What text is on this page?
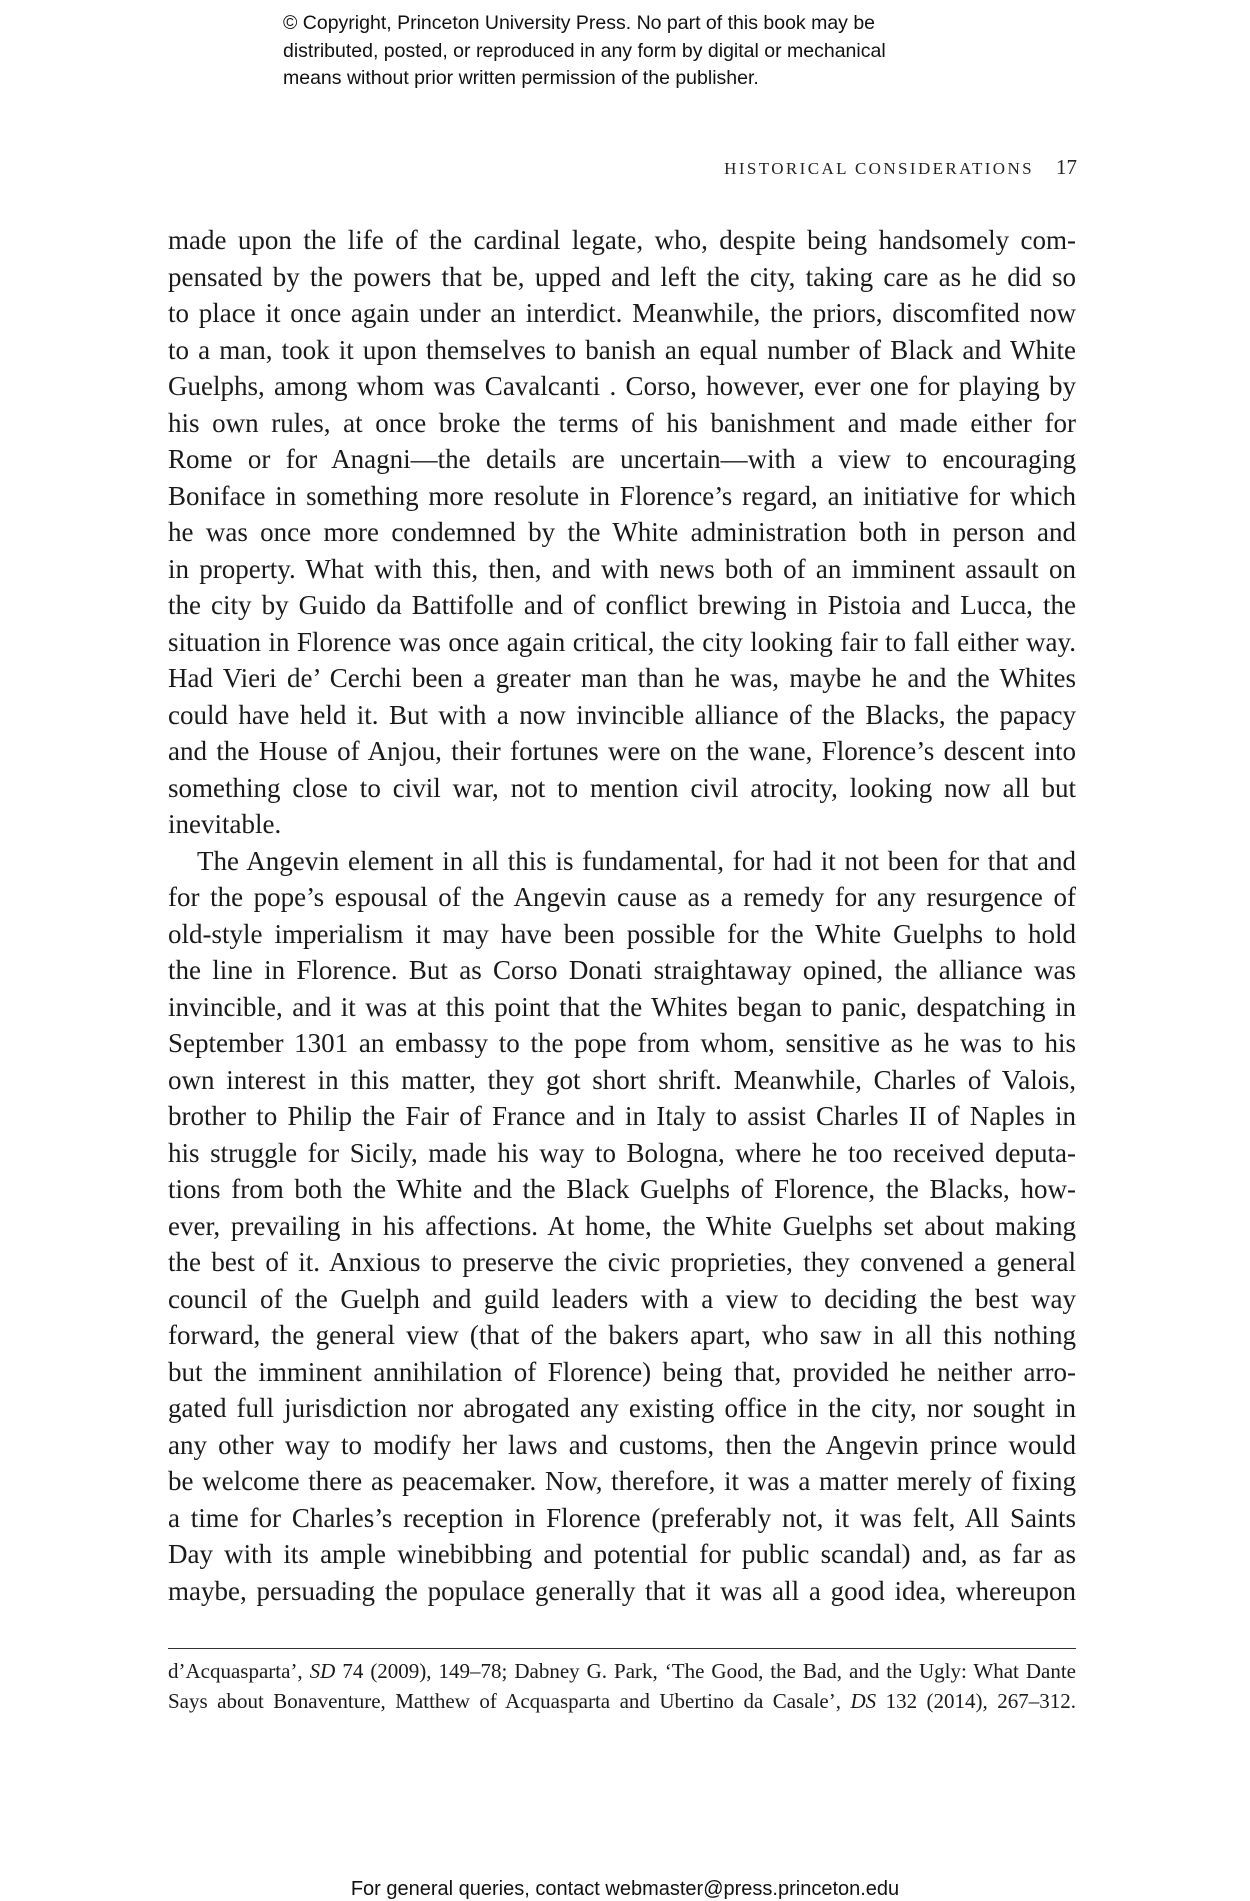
© Copyright, Princeton University Press. No part of this book may be
distributed, posted, or reproduced in any form by digital or mechanical
means without prior written permission of the publisher.
HISTORICAL CONSIDERATIONS 17
made upon the life of the cardinal legate, who, despite being handsomely com-
pensated by the powers that be, upped and left the city, taking care as he did so
to place it once again under an interdict. Meanwhile, the priors, discomfited now
to a man, took it upon themselves to banish an equal number of Black and White
Guelphs, among whom was Cavalcanti . Corso, however, ever one for playing by
his own rules, at once broke the terms of his banishment and made either for
Rome or for Anagni—the details are uncertain—with a view to encouraging
Boniface in something more resolute in Florence’s regard, an initiative for which
he was once more condemned by the White administration both in person and
in property. What with this, then, and with news both of an imminent assault on
the city by Guido da Battifolle and of conflict brewing in Pistoia and Lucca, the
situation in Florence was once again critical, the city looking fair to fall either way.
Had Vieri de’ Cerchi been a greater man than he was, maybe he and the Whites
could have held it. But with a now invincible alliance of the Blacks, the papacy
and the House of Anjou, their fortunes were on the wane, Florence’s descent into
something close to civil war, not to mention civil atrocity, looking now all but
inevitable.
The Angevin element in all this is fundamental, for had it not been for that and
for the pope’s espousal of the Angevin cause as a remedy for any resurgence of
old-style imperialism it may have been possible for the White Guelphs to hold
the line in Florence. But as Corso Donati straightaway opined, the alliance was
invincible, and it was at this point that the Whites began to panic, despatching in
September 1301 an embassy to the pope from whom, sensitive as he was to his
own interest in this matter, they got short shrift. Meanwhile, Charles of Valois,
brother to Philip the Fair of France and in Italy to assist Charles II of Naples in
his struggle for Sicily, made his way to Bologna, where he too received deputa-
tions from both the White and the Black Guelphs of Florence, the Blacks, how-
ever, prevailing in his affections. At home, the White Guelphs set about making
the best of it. Anxious to preserve the civic proprieties, they convened a general
council of the Guelph and guild leaders with a view to deciding the best way
forward, the general view (that of the bakers apart, who saw in all this nothing
but the imminent annihilation of Florence) being that, provided he neither arro-
gated full jurisdiction nor abrogated any existing office in the city, nor sought in
any other way to modify her laws and customs, then the Angevin prince would
be welcome there as peacemaker. Now, therefore, it was a matter merely of fixing
a time for Charles’s reception in Florence (preferably not, it was felt, All Saints
Day with its ample winebibbing and potential for public scandal) and, as far as
maybe, persuading the populace generally that it was all a good idea, whereupon
d’Acquasparta’, SD 74 (2009), 149–78; Dabney G. Park, ‘The Good, the Bad, and the Ugly: What Dante
Says about Bonaventure, Matthew of Acquasparta and Ubertino da Casale’, DS 132 (2014), 267–312.
For general queries, contact webmaster@press.princeton.edu
